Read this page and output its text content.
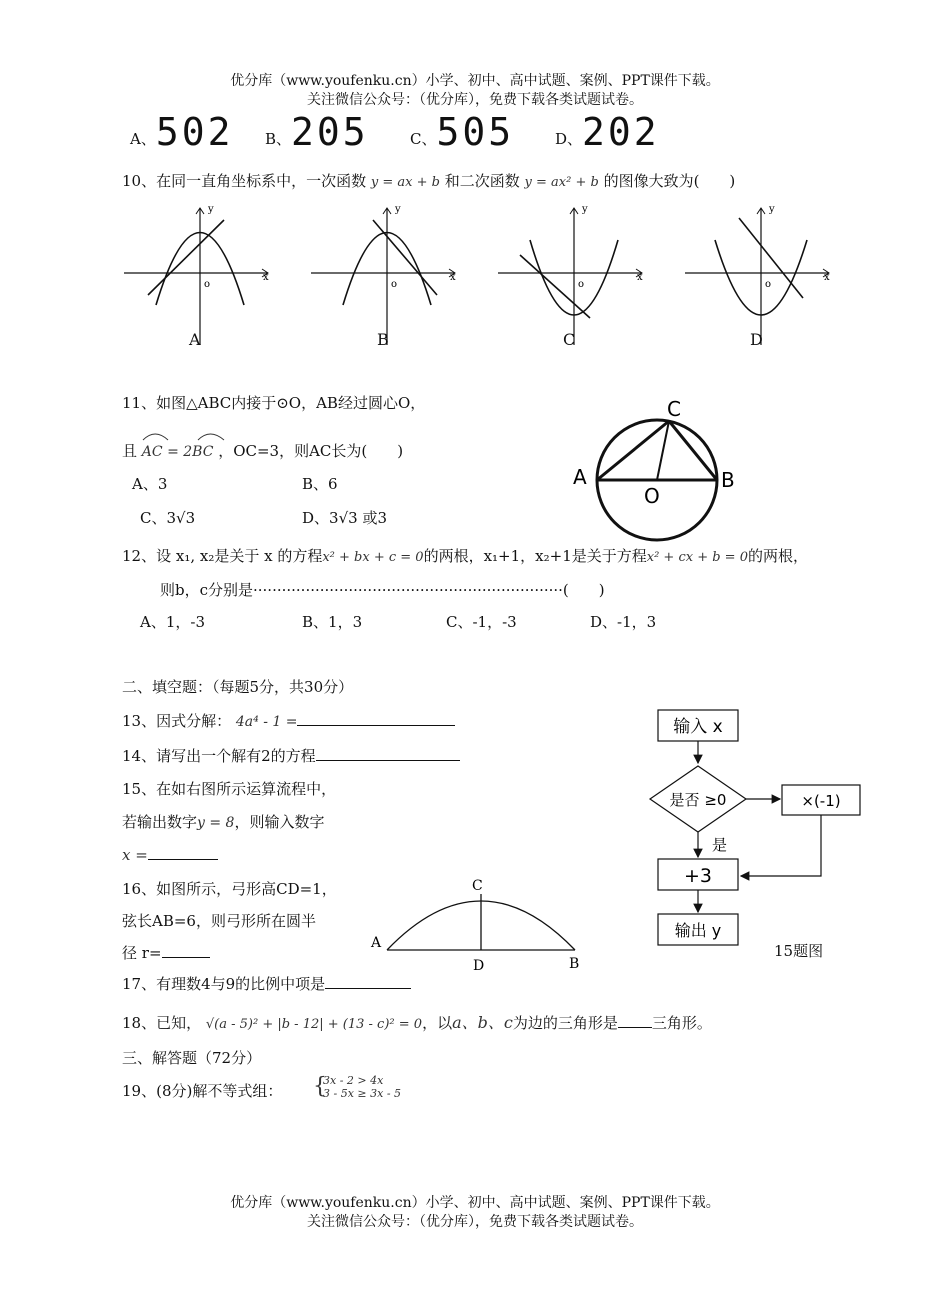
优分库（www.youfenku.cn）小学、初中、高中试题、案例、PPT课件下载。
关注微信公众号：（优分库），免费下载各类试题试卷。
A、502 B、205	C、505	D、202
10、在同一直角坐标系中，一次函数 y = ax + b 和二次函数 y = ax² + b 的图像大致为(　　)
x
y
o
A
x
y
o
B
x
y
o
C
x
y
o
D
11、如图△ABC内接于⊙O，AB经过圆心O，
且 AC = 2BC ，OC=3，则AC长为(　　)
A、3	B、6
C、3√3	D、3√3 或3
A	B
C
O
12、设 x₁, x₂是关于 x 的方程x² + bx + c = 0的两根，x₁+1，x₂+1是关于方程x² + cx + b = 0的两根，
则b，c分别是·································································(　　)
A、1，-3	B、1，3	C、-1，-3	D、-1，3
二、填空题：（每题5分，共30分）
13、因式分解： 4a⁴ - 1 =
14、请写出一个解有2的方程
15、在如右图所示运算流程中，
若输出数字y = 8，则输入数字
x =
16、如图所示，弓形高CD=1，
弦长AB=6，则弓形所在圆半
径 r=
A
B
C
D
17、有理数4与9的比例中项是
18、已知， √(a - 5)² + |b - 12| + (13 - c)² = 0，以a、b、c为边的三角形是 三角形。
输入 x
是否 ≥0	×(-1)
是
+3
输出 y
15题图
三、解答题（72分）
19、(8分)解不等式组： {
3x - 2 > 4x
3 - 5x ≥ 3x - 5
优分库（www.youfenku.cn）小学、初中、高中试题、案例、PPT课件下载。
关注微信公众号：（优分库），免费下载各类试题试卷。
